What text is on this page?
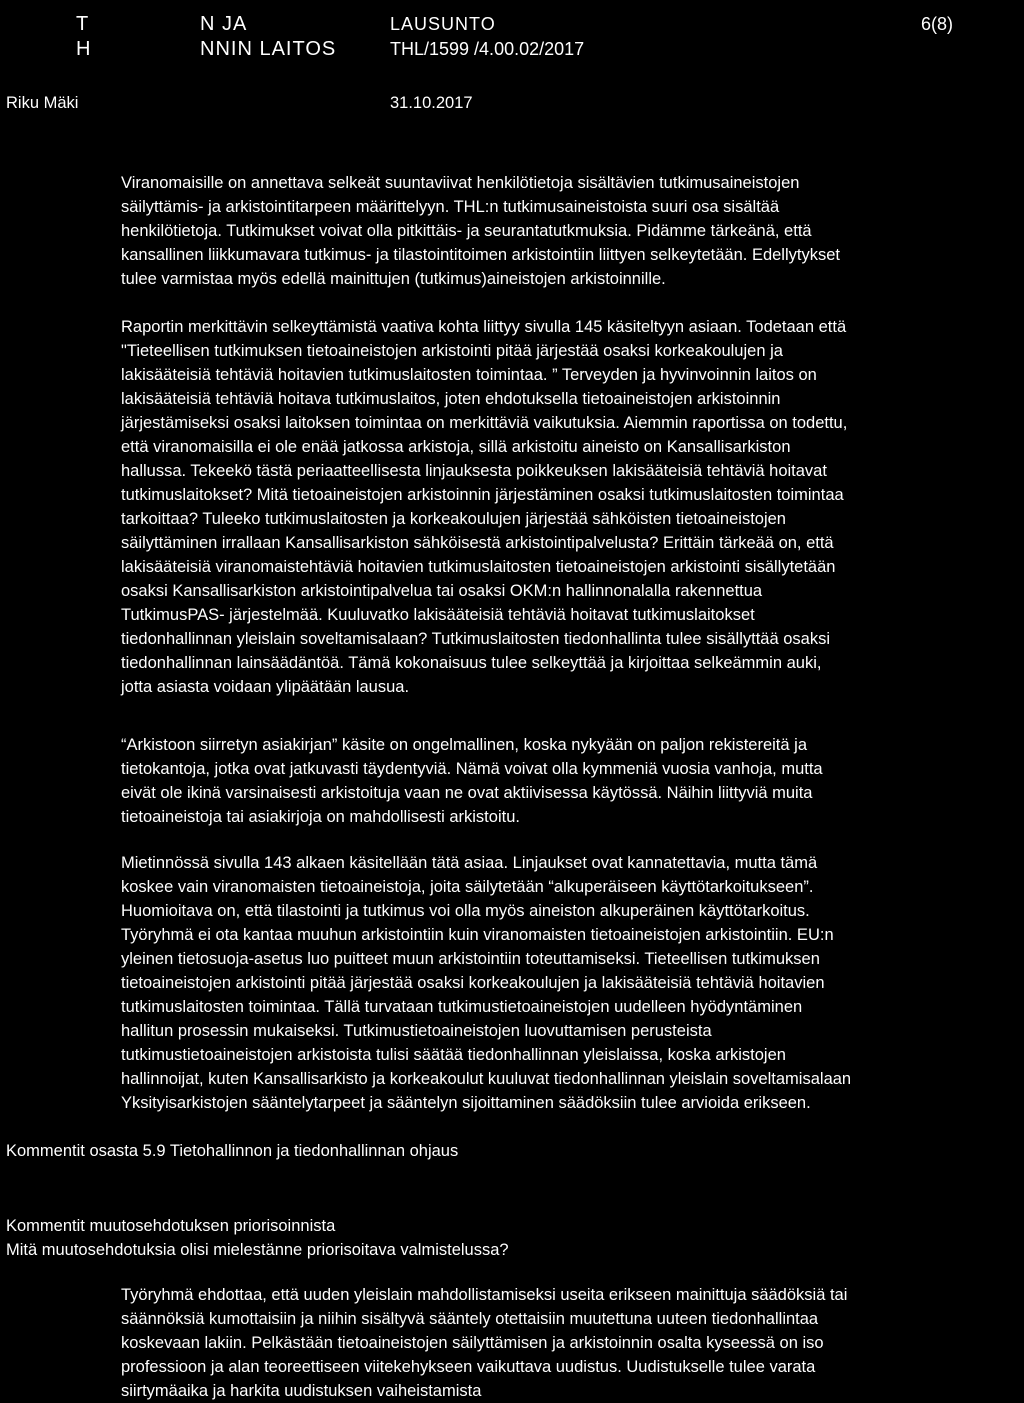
T	N JA
H	NNIN LAITOS
LAUSUNTO
THL/1599 /4.00.02/2017
6(8)
Riku Mäki	31.10.2017
Viranomaisille on annettava selkeät suuntaviivat henkilötietoja sisältävien tutkimusaineistojen
säilyttämis- ja arkistointitarpeen määrittelyyn. THL:n tutkimusaineistoista suuri osa sisältää
henkilötietoja. Tutkimukset voivat olla pitkittäis- ja seurantatutkmuksia. Pidämme tärkeänä, että
kansallinen liikkumavara tutkimus- ja tilastointitoimen arkistointiin liittyen selkeytetään. Edellytykset
tulee varmistaa myös edellä mainittujen (tutkimus)aineistojen arkistoinnille.
Raportin merkittävin selkeyttämistä vaativa kohta liittyy sivulla 145 käsiteltyyn asiaan. Todetaan että
"Tieteellisen tutkimuksen tietoaineistojen arkistointi pitää järjestää osaksi korkeakoulujen ja
lakisääteisiä tehtäviä hoitavien tutkimuslaitosten toimintaa. ” Terveyden ja hyvinvoinnin laitos on
lakisääteisiä tehtäviä hoitava tutkimuslaitos, joten ehdotuksella tietoaineistojen arkistoinnin
järjestämiseksi osaksi laitoksen toimintaa on merkittäviä vaikutuksia. Aiemmin raportissa on todettu,
että viranomaisilla ei ole enää jatkossa arkistoja, sillä arkistoitu aineisto on Kansallisarkiston
hallussa. Tekeekö tästä periaatteellisesta linjauksesta poikkeuksen lakisääteisiä tehtäviä hoitavat
tutkimuslaitokset? Mitä tietoaineistojen arkistoinnin järjestäminen osaksi tutkimuslaitosten toimintaa
tarkoittaa? Tuleeko tutkimuslaitosten ja korkeakoulujen järjestää sähköisten tietoaineistojen
säilyttäminen irrallaan Kansallisarkiston sähköisestä arkistointipalvelusta? Erittäin tärkeää on, että
lakisääteisiä viranomaistehtäviä hoitavien tutkimuslaitosten tietoaineistojen arkistointi sisällytetään
osaksi Kansallisarkiston arkistointipalvelua tai osaksi OKM:n hallinnonalalla rakennettua
TutkimusPAS- järjestelmää. Kuuluvatko lakisääteisiä tehtäviä hoitavat tutkimuslaitokset
tiedonhallinnan yleislain soveltamisalaan? Tutkimuslaitosten tiedonhallinta tulee sisällyttää osaksi
tiedonhallinnan lainsäädäntöä. Tämä kokonaisuus tulee selkeyttää ja kirjoittaa selkeämmin auki,
jotta asiasta voidaan ylipäätään lausua.
“Arkistoon siirretyn asiakirjan” käsite on ongelmallinen, koska nykyään on paljon rekistereitä ja
tietokantoja, jotka ovat jatkuvasti täydentyviä. Nämä voivat olla kymmeniä vuosia vanhoja, mutta
eivät ole ikinä varsinaisesti arkistoituja vaan ne ovat aktiivisessa käytössä. Näihin liittyviä muita
tietoaineistoja tai asiakirjoja on mahdollisesti arkistoitu.
Mietinnössä sivulla 143 alkaen käsitellään tätä asiaa. Linjaukset ovat kannatettavia, mutta tämä
koskee vain viranomaisten tietoaineistoja, joita säilytetään “alkuperäiseen käyttötarkoitukseen”.
Huomioitava on, että tilastointi ja tutkimus voi olla myös aineiston alkuperäinen käyttötarkoitus.
Työryhmä ei ota kantaa muuhun arkistointiin kuin viranomaisten tietoaineistojen arkistointiin. EU:n
yleinen tietosuoja-asetus luo puitteet muun arkistointiin toteuttamiseksi. Tieteellisen tutkimuksen
tietoaineistojen arkistointi pitää järjestää osaksi korkeakoulujen ja lakisääteisiä tehtäviä hoitavien
tutkimuslaitosten toimintaa. Tällä turvataan tutkimustietoaineistojen uudelleen hyödyntäminen
hallitun prosessin mukaiseksi. Tutkimustietoaineistojen luovuttamisen perusteista
tutkimustietoaineistojen arkistoista tulisi säätää tiedonhallinnan yleislaissa, koska arkistojen
hallinnoijat, kuten Kansallisarkisto ja korkeakoulut kuuluvat tiedonhallinnan yleislain soveltamisalaan
Yksityisarkistojen sääntelytarpeet ja sääntelyn sijoittaminen säädöksiin tulee arvioida erikseen.
Kommentit osasta 5.9 Tietohallinnon ja tiedonhallinnan ohjaus
Kommentit muutosehdotuksen priorisoinnista
Mitä muutosehdotuksia olisi mielestänne priorisoitava valmistelussa?
Työryhmä ehdottaa, että uuden yleislain mahdollistamiseksi useita erikseen mainittuja säädöksiä tai
säännöksiä kumottaisiin ja niihin sisältyvä sääntely otettaisiin muutettuna uuteen tiedonhallintaa
koskevaan lakiin. Pelkästään tietoaineistojen säilyttämisen ja arkistoinnin osalta kyseessä on iso
professioon ja alan teoreettiseen viitekehykseen vaikuttava uudistus. Uudistukselle tulee varata
siirtymäaika ja harkita uudistuksen vaiheistamista
